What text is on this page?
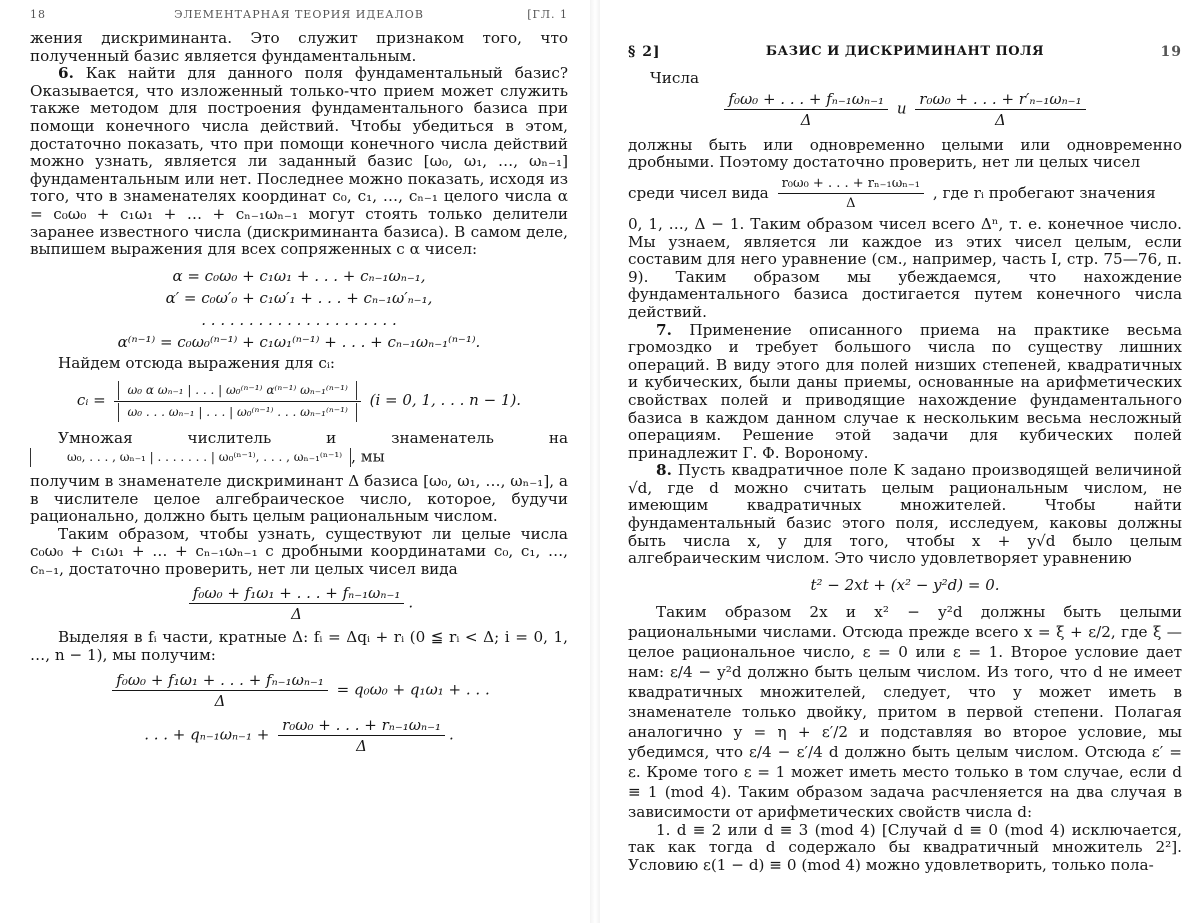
18	ЭЛЕМЕНТАРНАЯ ТЕОРИЯ ИДЕАЛОВ	[ГЛ. 1

жения дискриминанта. Это служит признаком того, что полученный базис является фундаментальным.

6. Как найти для данного поля фундаментальный базис? Оказывается, что изложенный только-что прием может служить также методом для построения фундаментального базиса при помощи конечного числа действий. Чтобы убедиться в этом, достаточно показать, что при помощи конечного числа действий можно узнать, является ли заданный базис [ω₀, ω₁, …, ωₙ₋₁] фундаментальным или нет. Последнее можно показать, исходя из того, что в знаменателях координат c₀, c₁, …, cₙ₋₁ целого числа α = c₀ω₀ + c₁ω₁ + … + cₙ₋₁ωₙ₋₁ могут стоять только делители заранее известного числа (дискриминанта базиса). В самом деле, выпишем выражения для всех сопряженных с α чисел:

α = c₀ω₀ + c₁ω₁ + . . . + cₙ₋₁ωₙ₋₁,
α′ = c₀ω′₀ + c₁ω′₁ + . . . + cₙ₋₁ω′ₙ₋₁,
. . . . . . . . . . . . . . . . . . . . .
α⁽ⁿ⁻¹⁾ = c₀ω₀⁽ⁿ⁻¹⁾ + c₁ω₁⁽ⁿ⁻¹⁾ + . . . + cₙ₋₁ωₙ₋₁⁽ⁿ⁻¹⁾.

Найдем отсюда выражения для cᵢ:

cᵢ = $\frac{\text{ω₀ α ωₙ₋₁ | . . . | ω₀⁽ⁿ⁻¹⁾ α⁽ⁿ⁻¹⁾ ωₙ₋₁⁽ⁿ⁻¹⁾}}{\text{ω₀ . . . ωₙ₋₁ | . . . | ω₀⁽ⁿ⁻¹⁾ . . . ωₙ₋₁⁽ⁿ⁻¹⁾}} (i = 0$, 1, . . . n − 1).

Умножая числитель и знаменатель на ω₀, . . . , ωₙ₋₁ | . . . . . . . | ω₀⁽ⁿ⁻¹⁾, . . . , ωₙ₋₁⁽ⁿ⁻¹⁾ , мы

получим в знаменателе дискриминант Δ базиса [ω₀, ω₁, …, ωₙ₋₁], а в числителе целое алгебраическое число, которое, будучи рационально, должно быть целым рациональным числом.

Таким образом, чтобы узнать, существуют ли целые числа c₀ω₀ + c₁ω₁ + … + cₙ₋₁ωₙ₋₁ с дробными координатами c₀, c₁, …, cₙ₋₁, достаточно проверить, нет ли целых чисел вида

$\frac{\text{f₀ω₀ + f₁ω₁ + . . . + fₙ₋₁ωₙ₋₁}}{\Delta}$ .

Выделяя в fᵢ части, кратные Δ: fᵢ = Δqᵢ + rᵢ (0 ≦ rᵢ < Δ; i = 0, 1, …, n − 1), мы получим:

$\frac{\text{f₀ω₀ + f₁ω₁ + . . . + fₙ₋₁ωₙ₋₁}}{\Delta} = q_0\omega_0 + q_1\omega_1$ + . . .
. . . + $q_{n-1}\omega_{n-1} + \frac{\text{r₀ω₀ + . . . + rₙ₋₁ωₙ₋₁}}{\Delta}$ .
§ 2]	БАЗИС И ДИСКРИМИНАНТ ПОЛЯ	19

Числа

$\frac{\text{f₀ω₀ + . . . + fₙ₋₁ωₙ₋₁}}{\Delta}$ и $\frac{\text{r₀ω₀ + . . . + r′ₙ₋₁ωₙ₋₁}}{\Delta}$

должны быть или одновременно целыми или одновременно дробными. Поэтому достаточно проверить, нет ли целых чисел

среди чисел вида $\frac{\text{r₀ω₀ + . . . + rₙ₋₁ωₙ₋₁}}{\Delta}$ , где rᵢ пробегают значения

0, 1, …, Δ − 1. Таким образом чисел всего Δⁿ, т. е. конечное число. Мы узнаем, является ли каждое из этих чисел целым, если составим для него уравнение (см., например, часть I, стр. 75—76, п. 9). Таким образом мы убеждаемся, что нахождение фундаментального базиса достигается путем конечного числа действий.

7. Применение описанного приема на практике весьма громоздко и требует большого числа по существу лишних операций. В виду этого для полей низших степеней, квадратичных и кубических, были даны приемы, основанные на арифметических свойствах полей и приводящие нахождение фундаментального базиса в каждом данном случае к нескольким весьма несложный операциям. Решение этой задачи для кубических полей принадлежит Г. Ф. Вороному.

8. Пусть квадратичное поле K задано производящей величиной √d, где d можно считать целым рациональным числом, не имеющим квадратичных множителей. Чтобы найти фундаментальный базис этого поля, исследуем, каковы должны быть числа x, y для того, чтобы x + y√d было целым алгебраическим числом. Это число удовлетворяет уравнению

t² − 2xt + (x² − y²d) = 0.

Таким образом 2x и x² − y²d должны быть целыми рациональными числами. Отсюда прежде всего x = ξ + ε/2, где ξ — целое рациональное число, ε = 0 или ε = 1. Второе условие дает нам: ε/4 − y²d должно быть целым числом. Из того, что d не имеет квадратичных множителей, следует, что y может иметь в знаменателе только двойку, притом в первой степени. Полагая аналогично y = η + ε′/2 и подставляя во второе условие, мы убедимся, что ε/4 − ε′/4 d должно быть целым числом. Отсюда ε′ = ε. Кроме того ε = 1 может иметь место только в том случае, если d ≡ 1 (mod 4). Таким образом задача расчленяется на два случая в зависимости от арифметических свойств числа d:

1. d ≡ 2 или d ≡ 3 (mod 4) [Случай d ≡ 0 (mod 4) исключается, так как тогда d содержало бы квадратичный множитель 2²]. Условию ε(1 − d) ≡ 0 (mod 4) можно удовлетворить, только пола-
